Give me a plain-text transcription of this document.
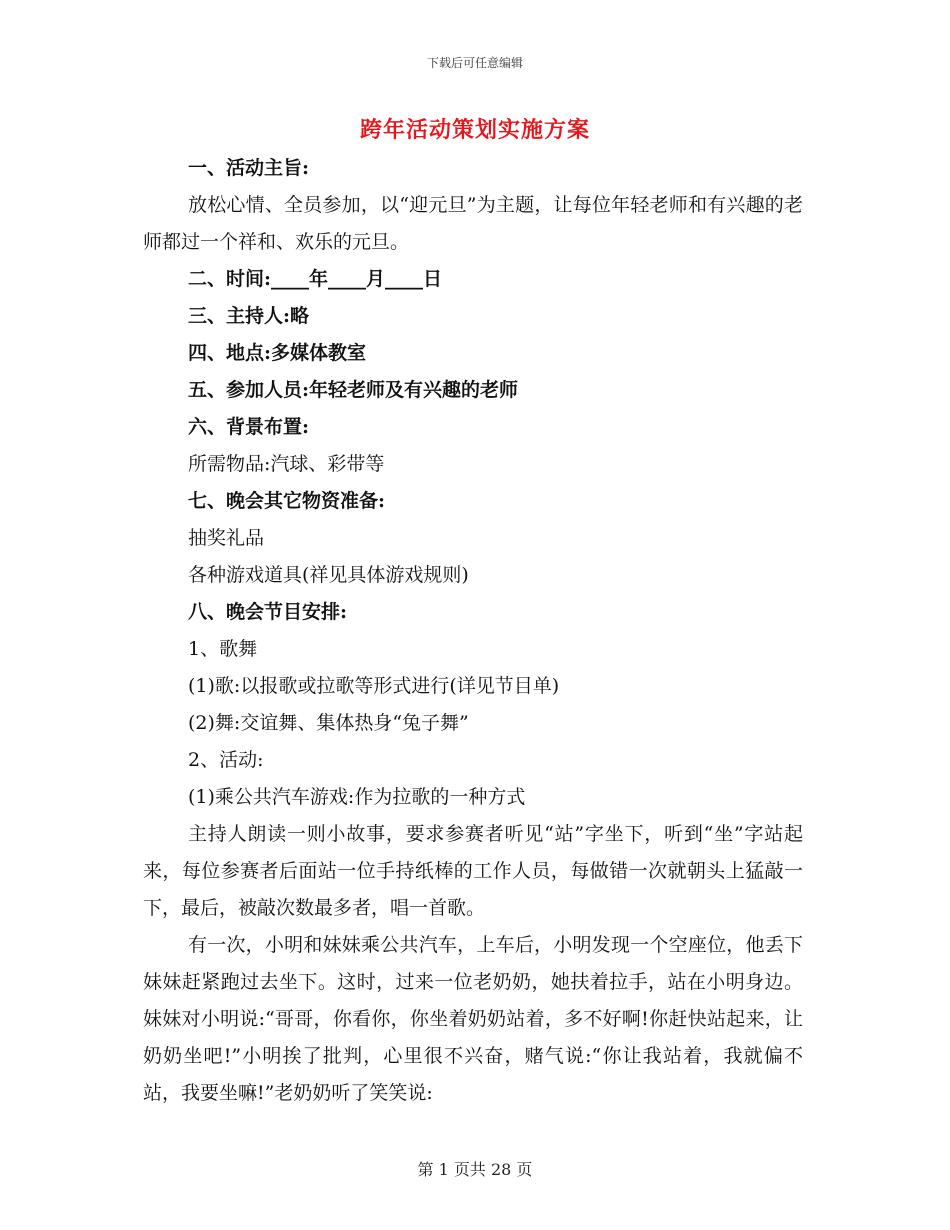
下载后可任意编辑
跨年活动策划实施方案

一、活动主旨:

放松心情、全员参加，以“迎元旦”为主题，让每位年轻老师和有兴趣的老师都过一个祥和、欢乐的元旦。

二、时间:____年____月____日

三、主持人:略

四、地点:多媒体教室

五、参加人员:年轻老师及有兴趣的老师

六、背景布置:

所需物品:汽球、彩带等

七、晚会其它物资准备:

抽奖礼品

各种游戏道具(祥见具体游戏规则)

八、晚会节目安排:

1、歌舞

(1)歌:以报歌或拉歌等形式进行(详见节目单)

(2)舞:交谊舞、集体热身“兔子舞”

2、活动:

(1)乘公共汽车游戏:作为拉歌的一种方式

主持人朗读一则小故事，要求参赛者听见“站”字坐下，听到“坐”字站起来，每位参赛者后面站一位手持纸棒的工作人员，每做错一次就朝头上猛敲一下，最后，被敲次数最多者，唱一首歌。

有一次，小明和妹妹乘公共汽车，上车后，小明发现一个空座位，他丢下妹妹赶紧跑过去坐下。这时，过来一位老奶奶，她扶着拉手，站在小明身边。妹妹对小明说:“哥哥，你看你，你坐着奶奶站着，多不好啊!你赶快站起来，让奶奶坐吧!”小明挨了批判，心里很不兴奋，赌气说:“你让我站着，我就偏不站，我要坐嘛!”老奶奶听了笑笑说:

第 1 页共 28 页
